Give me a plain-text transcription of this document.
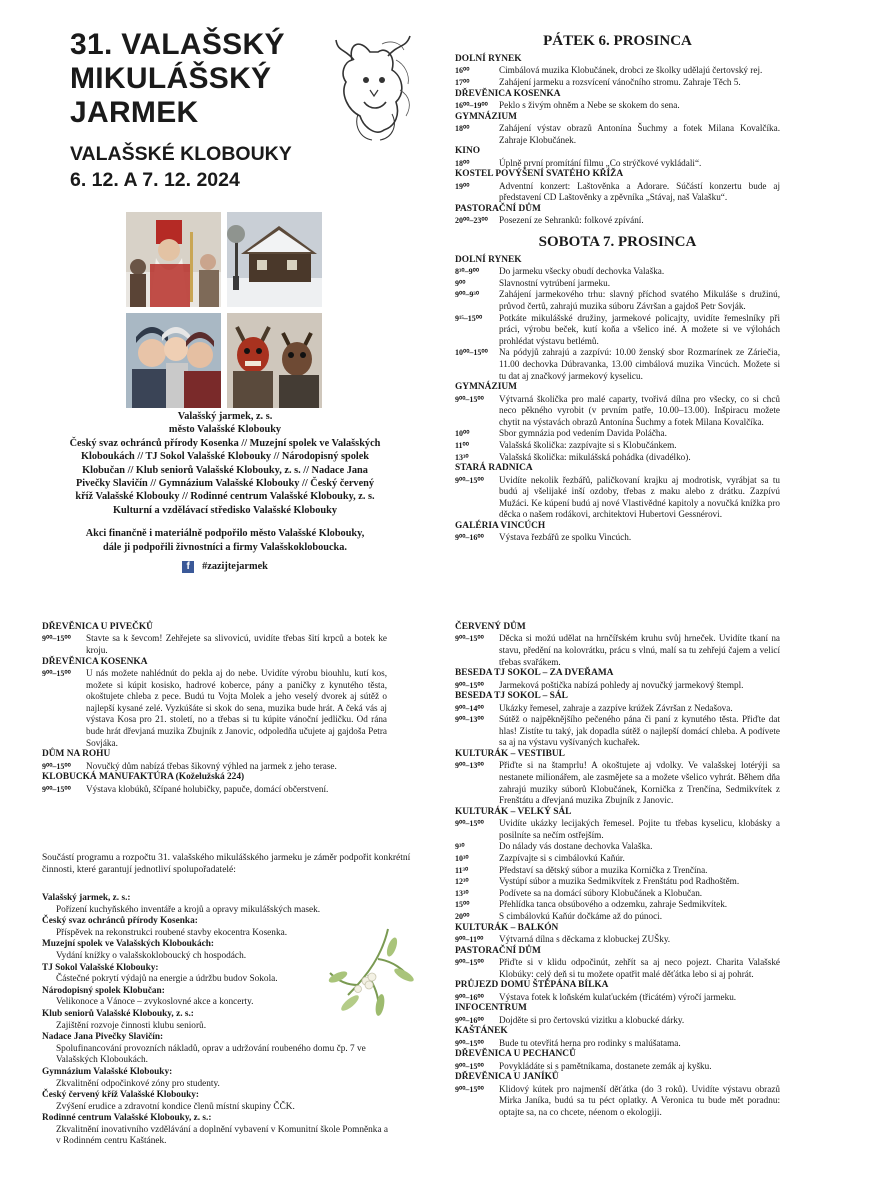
31. VALAŠSKÝ
MIKULÁŠSKÝ
JARMEK
VALAŠSKÉ KLOBOUKY
6. 12. A 7. 12. 2024
Valašský jarmek, z. s.
město Valašské Klobouky
Český svaz ochránců přírody Kosenka // Muzejní spolek ve Valašských
Kloboukách // TJ Sokol Valašské Klobouky // Národopisný spolek
Klobučan // Klub seniorů Valašské Klobouky, z. s. // Nadace Jana
Pivečky Slavičín // Gymnázium Valašské Klobouky // Český červený
kříž Valašské Klobouky // Rodinné centrum Valašské Klobouky, z. s.
Kulturní a vzdělávací středisko Valašské Klobouky
Akci finančně i materiálně podpořilo město Valašské Klobouky,
dále ji podpořili živnostníci a firmy Valašskokloboucka.
f	#zazijtejarmek
PÁTEK 6. PROSINCA
DOLNÍ RYNEK
16⁰⁰	Cimbálová muzika Klobučánek, drobci ze školky udělajú čertovský rej.
17⁰⁰	Zahájení jarmeku a rozsvícení vánočního stromu. Zahraje Těch 5.
DŘEVĚNICA KOSENKA
16⁰⁰–19⁰⁰	Peklo s živým ohněm a Nebe se skokem do sena.
GYMNÁZIUM
18⁰⁰	Zahájení výstav obrazů Antonína Šuchmy a fotek Milana Kovalčíka. Zahraje Klobučánek.
KINO
18⁰⁰	Úplně první promítání filmu „Co strýčkové vykládali“.
KOSTEL POVÝŠENÍ SVATÉHO KŘÍŽA
19⁰⁰	Adventní konzert: Laštověnka a Adorare. Súčástí konzertu bude aj představení CD Laštověnky a zpěvníka „Stávaj, naš Valašku“.
PASTORAČNÍ DŮM
20⁰⁰–23⁰⁰	Posezení ze Sehranků: folkové zpívání.
SOBOTA 7. PROSINCA
DOLNÍ RYNEK
8³⁰–9⁰⁰	Do jarmeku všecky obudí dechovka Valaška.
9⁰⁰	Slavnostní vytrúbení jarmeku.
9⁰⁰–9³⁰	Zahájení jarmekového trhu: slavný příchod svatého Mikuláše s družinú, průvod čertů, zahrajú muzika súboru Závršan a gajdoš Petr Sovják.
9¹⁵–15⁰⁰	Potkáte mikulášské družiny, jarmekové policajty, uvidíte řemeslníky při práci, výrobu beček, kutí koňa a všelico iné. A možete si ve výlohách prohlédat výstavu betlémů.
10⁰⁰–15⁰⁰	Na pódyjů zahrajú a zazpívú: 10.00 ženský sbor Rozmarínek ze Záriečia, 11.00 dechovka Dúbravanka, 13.00 cimbálová muzika Vincúch. Možete si tu dat aj značkový jarmekový kyselicu.
GYMNÁZIUM
9⁰⁰–15⁰⁰	Výtvarná školička pro malé caparty, tvořivá dílna pro všecky, co si chců neco pěkného vyrobit (v prvním patře, 10.00–13.00). Inšpiracu možete chytit na výstavách obrazů Antonína Šuchmy a fotek Milana Kovalčíka.
10⁰⁰	Sbor gymnázia pod vedením Davida Poláčha.
11⁰⁰	Valašská školička: zazpívajte si s Klobučánkem.
13³⁰	Valašská školička: mikulášská pohádka (divadélko).
STARÁ RADNICA
9⁰⁰–15⁰⁰	Uvidíte nekolik řezbářů, paličkovaní krajku aj modrotisk, vyrábjat sa tu budú aj všelijaké inší ozdoby, třebas z maku alebo z drátku. Zazpívú Mužáci. Ke kúpení budú aj nové Vlastivědné kapitoly a novučká knížka pro děcka o našem rodákovi, architektovi Hubertovi Gessnérovi.
GALÉRIA VINCÚCH
9⁰⁰–16⁰⁰	Výstava řezbářů ze spolku Vincúch.
DŘEVĚNICA U PIVEČKŮ
9⁰⁰–15⁰⁰	Stavte sa k ševcom! Zehřejete sa slivovicú, uvidíte třebas šití krpců a botek ke kroju.
DŘEVĚNICA KOSENKA
9⁰⁰–15⁰⁰	U nás možete nahlédnút do pekla aj do nebe. Uvidíte výrobu biouhlu, kutí kos, možete si kúpit kosisko, hadrové koberce, pány a paničky z kynutého těsta, okoštujete chleba z pece. Budú tu Vojta Molek a jeho veselý dvorek aj sútěž o najlepší kysané zelé. Vyzkúšáte si skok do sena, muzika bude hrát. A čeká vás aj výstava Kosa pro 21. století, no a třebas si tu kúpite vánoční jedličku. Od rána bude hrát dřevjaná muzika Zbujník z Janovic, odpoledňa učujete aj gajdoša Petra Sovjáka.
DŮM NA ROHU
9⁰⁰–15⁰⁰	Novučký dům nabízá třebas šikovný výhled na jarmek z jeho terase.
KLOBUCKÁ MANUFAKTÚRA (Koželužská 224)
9⁰⁰–15⁰⁰	Výstava klobúků, ščípané holubičky, papuče, domácí občerstvení.
ČERVENÝ DŮM
9⁰⁰–15⁰⁰	Děcka si možú udělat na hrnčířském kruhu svůj hrneček. Uvidíte tkaní na stavu, předění na kolovrátku, prácu s vlnú, malí sa tu zehřejú čajem a velicí třebas svařákem.
BESEDA TJ SOKOL – ZA DVEŘAMA
9⁰⁰–15⁰⁰	Jarmeková poštička nabízá pohledy aj novučký jarmekový štempl.
BESEDA TJ SOKOL – SÁL
9⁰⁰–14⁰⁰	Ukázky řemesel, zahraje a zazpíve krúžek Závršan z Nedašova.
9⁰⁰–13⁰⁰	Sútěž o najpěknějšího pečeného pána či paní z kynutého těsta. Přiďte dat hlas! Zistíte tu taký, jak dopadla sútěž o najlepší domácí chleba. A podívete sa aj na výstavu vyšívaných kuchařek.
KULTURÁK – VESTIBUL
9⁰⁰–13⁰⁰	Přiďte si na štamprlu! A okoštujete aj vdolky. Ve valašskej lotérýji sa nestanete milionářem, ale zasmějete sa a možete všelico vyhrát. Během dňa zahrajú muziky súborů Klobučánek, Kornička z Trenčína, Sedmikvítek z Frenštátu a dřevjaná muzika Zbujník z Janovic.
KULTURÁK – VELKÝ SÁL
9⁰⁰–15⁰⁰	Uvidíte ukázky lecijakých řemesel. Pojite tu třebas kyselicu, klobásky a posilníte sa nečím ostřejším.
9³⁰	Do nálady vás dostane dechovka Valaška.
10³⁰	Zazpívajte si s cimbálovkú Kaňúr.
11³⁰	Představí sa dětský súbor a muzika Kornička z Trenčína.
12³⁰	Vystúpí súbor a muzika Sedmikvítek z Frenštátu pod Radhoštěm.
13³⁰	Podívete sa na domácí súbory Klobučánek a Klobučan.
15⁰⁰	Přehlídka tanca obsúbového a odzemku, zahraje Sedmikvítek.
20⁰⁰	S cimbálovkú Kaňúr dočkáme až do púnoci.
KULTURÁK – BALKÓN
9⁰⁰–11⁰⁰	Výtvarná dílna s děckama z klobuckej ZUŠky.
PASTORAČNÍ DŮM
9⁰⁰–15⁰⁰	Přiďte si v klidu odpočinút, zehřít sa aj neco pojezt. Charita Valašské Klobúky: celý deň si tu možete opatřit malé děťátka lebo si aj pohrát.
PRŮJEZD DOMU ŠTĚPÁNA BÍLKA
9⁰⁰–16⁰⁰	Výstava fotek k loňském kulaťuckém (třicátém) výročí jarmeku.
INFOCENTRUM
9⁰⁰–16⁰⁰	Dojděte si pro čertovskú vizitku a klobucké dárky.
KAŠTÁNEK
9⁰⁰–15⁰⁰	Bude tu otevřitá herna pro rodinky s malúšatama.
DŘEVĚNICA U PECHANCŮ
9⁰⁰–15⁰⁰	Povykládáte si s pamětníkama, dostanete zemák aj kyšku.
DŘEVĚNICA U JANÍKŮ
9⁰⁰–15⁰⁰	Klidový kútek pro najmenší děťátka (do 3 roků). Uvidíte výstavu obrazů Mirka Janíka, budú sa tu péct oplatky. A Veronica tu bude mět poradnu: optajte sa, na co chcete, néenom o ekologiji.
Součástí programu a rozpočtu 31. valašského mikulášského jarmeku je záměr podpořit konkrétní činnosti, které garantují jednotliví spolupořadatelé:
Valašský jarmek, z. s.:
Pořízení kuchyňského inventáře a krojů a opravy mikulášských masek.
Český svaz ochránců přírody Kosenka:
Příspěvek na rekonstrukci roubené stavby ekocentra Kosenka.
Muzejní spolek ve Valašských Kloboukách:
Vydání knížky o valašskokloboucký ch hospodách.
TJ Sokol Valašské Klobouky:
Částečné pokrytí výdajů na energie a údržbu budov Sokola.
Národopisný spolek Klobučan:
Velikonoce a Vánoce – zvykoslovné akce a koncerty.
Klub seniorů Valašské Klobouky, z. s.:
Zajištění rozvoje činnosti klubu seniorů.
Nadace Jana Pivečky Slavičín:
Spolufinancování provozních nákladů, oprav a udržování roubeného domu čp. 7 ve Valašských Kloboukách.
Gymnázium Valašské Klobouky:
Zkvalitnění odpočinkové zóny pro studenty.
Český červený kříž Valašské Klobouky:
Zvýšení erudice a zdravotní kondice členů místní skupiny ČČK.
Rodinné centrum Valašské Klobouky, z. s.:
Zkvalitnění inovativního vzdělávání a doplnění vybavení v Komunitní škole Pomněnka a v Rodinném centru Kaštánek.
